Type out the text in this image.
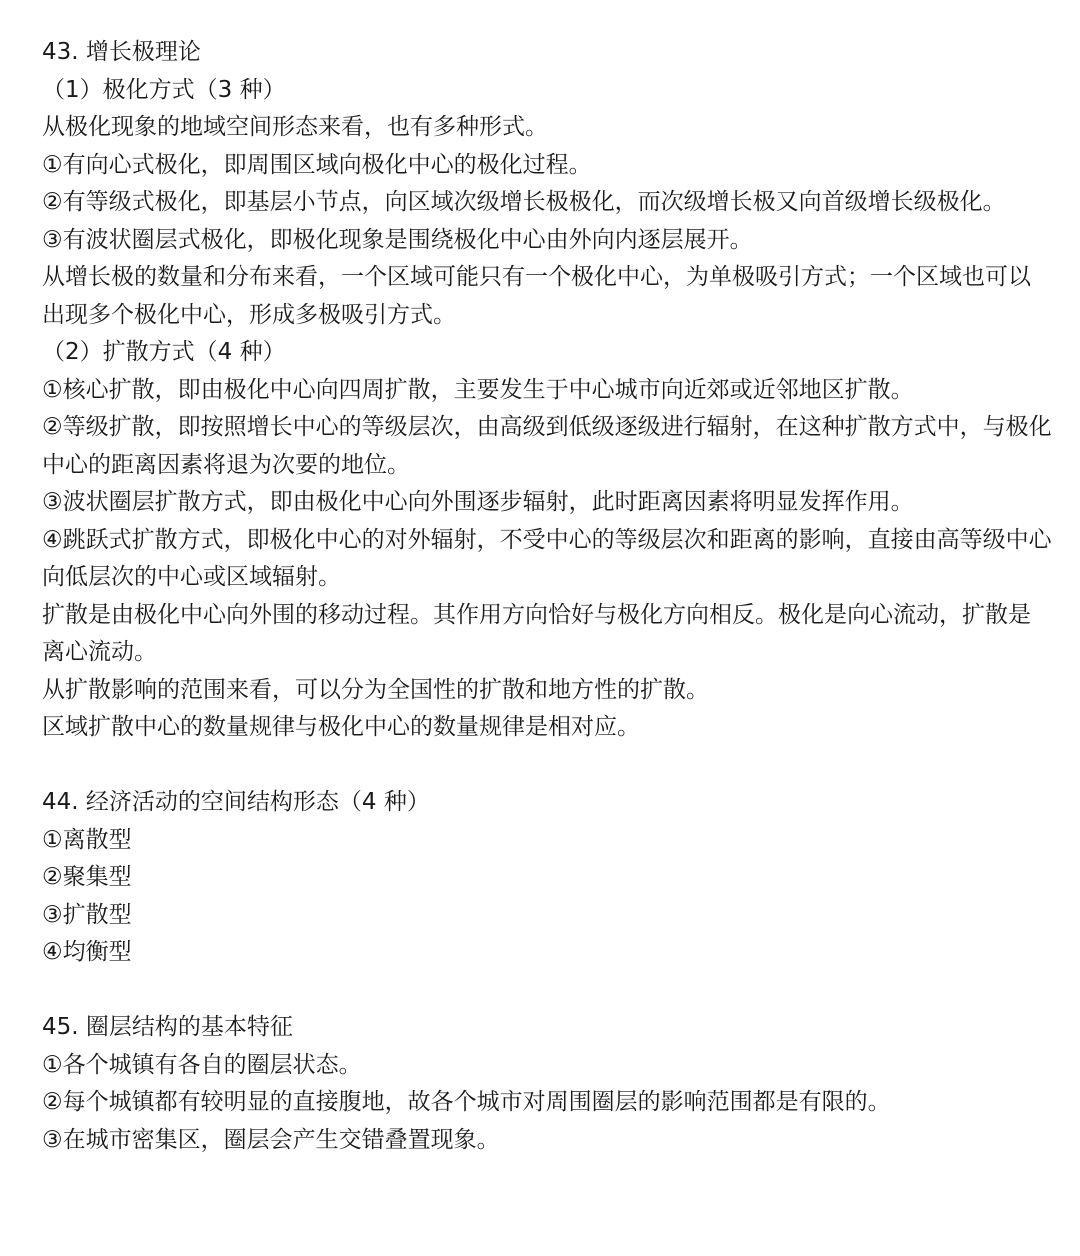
43. 增长极理论

（1）极化方式（3 种）

从极化现象的地域空间形态来看，也有多种形式。

①有向心式极化，即周围区域向极化中心的极化过程。

②有等级式极化，即基层小节点，向区域次级增长极极化，而次级增长极又向首级增长级极化。

③有波状圈层式极化，即极化现象是围绕极化中心由外向内逐层展开。

从增长极的数量和分布来看，一个区域可能只有一个极化中心，为单极吸引方式；一个区域也可以出现多个极化中心，形成多极吸引方式。

（2）扩散方式（4 种）

①核心扩散，即由极化中心向四周扩散，主要发生于中心城市向近郊或近邻地区扩散。

②等级扩散，即按照增长中心的等级层次，由高级到低级逐级进行辐射，在这种扩散方式中，与极化中心的距离因素将退为次要的地位。

③波状圈层扩散方式，即由极化中心向外围逐步辐射，此时距离因素将明显发挥作用。

④跳跃式扩散方式，即极化中心的对外辐射，不受中心的等级层次和距离的影响，直接由高等级中心向低层次的中心或区域辐射。

扩散是由极化中心向外围的移动过程。其作用方向恰好与极化方向相反。极化是向心流动，扩散是离心流动。

从扩散影响的范围来看，可以分为全国性的扩散和地方性的扩散。

区域扩散中心的数量规律与极化中心的数量规律是相对应。

44. 经济活动的空间结构形态（4 种）

①离散型

②聚集型

③扩散型

④均衡型

45. 圈层结构的基本特征

①各个城镇有各自的圈层状态。

②每个城镇都有较明显的直接腹地，故各个城市对周围圈层的影响范围都是有限的。

③在城市密集区，圈层会产生交错叠置现象。
